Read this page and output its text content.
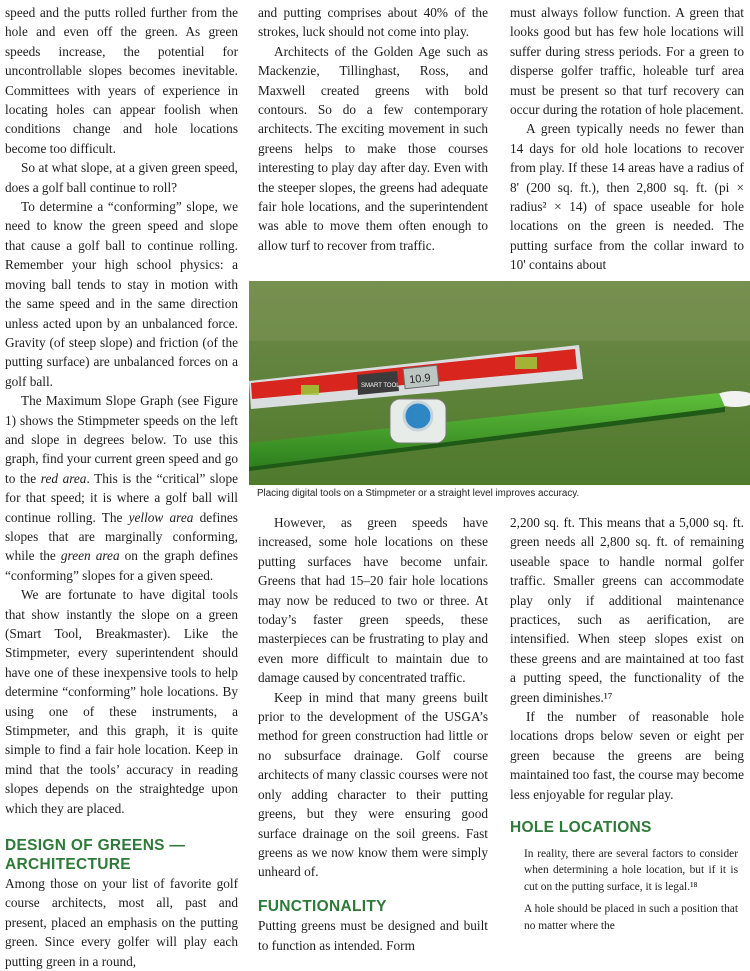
speed and the putts rolled further from the hole and even off the green. As green speeds increase, the potential for uncontrollable slopes becomes inevitable. Committees with years of experience in locating holes can appear foolish when conditions change and hole locations become too difficult.

So at what slope, at a given green speed, does a golf ball continue to roll?

To determine a “conforming” slope, we need to know the green speed and slope that cause a golf ball to continue rolling. Remember your high school physics: a moving ball tends to stay in motion with the same speed and in the same direction unless acted upon by an unbalanced force. Gravity (of steep slope) and friction (of the putting surface) are unbalanced forces on a golf ball.

The Maximum Slope Graph (see Figure 1) shows the Stimpmeter speeds on the left and slope in degrees below. To use this graph, find your current green speed and go to the red area. This is the “critical” slope for that speed; it is where a golf ball will continue rolling. The yellow area defines slopes that are marginally conforming, while the green area on the graph defines “conforming” slopes for a given speed.

We are fortunate to have digital tools that show instantly the slope on a green (Smart Tool, Breakmaster). Like the Stimpmeter, every superintendent should have one of these inexpensive tools to help determine “conforming” hole locations. By using one of these instruments, a Stimpmeter, and this graph, it is quite simple to find a fair hole location. Keep in mind that the tools’ accuracy in reading slopes depends on the straightedge upon which they are placed.

DESIGN OF GREENS —
ARCHITECTURE

Among those on your list of favorite golf course architects, most all, past and present, placed an emphasis on the putting green. Since every golfer will play each putting green in a round,

and putting comprises about 40% of the strokes, luck should not come into play.

Architects of the Golden Age such as Mackenzie, Tillinghast, Ross, and Maxwell created greens with bold contours. So do a few contemporary architects. The exciting movement in such greens helps to make those courses interesting to play day after day. Even with the steeper slopes, the greens had adequate fair hole locations, and the superintendent was able to move them often enough to allow turf to recover from traffic.

must always follow function. A green that looks good but has few hole locations will suffer during stress periods. For a green to disperse golfer traffic, holeable turf area must be present so that turf recovery can occur during the rotation of hole placement.

A green typically needs no fewer than 14 days for old hole locations to recover from play. If these 14 areas have a radius of 8' (200 sq. ft.), then 2,800 sq. ft. (pi × radius² × 14) of space useable for hole locations on the green is needed. The putting surface from the collar inward to 10' contains about

SMART TOOL 10.9
Placing digital tools on a Stimpmeter or a straight level improves accuracy.

However, as green speeds have increased, some hole locations on these putting surfaces have become unfair. Greens that had 15–20 fair hole locations may now be reduced to two or three. At today’s faster green speeds, these masterpieces can be frustrating to play and even more difficult to maintain due to damage caused by concentrated traffic.

Keep in mind that many greens built prior to the development of the USGA’s method for green construction had little or no subsurface drainage. Golf course architects of many classic courses were not only adding character to their putting greens, but they were ensuring good surface drainage on the soil greens. Fast greens as we now know them were simply unheard of.

FUNCTIONALITY

Putting greens must be designed and built to function as intended. Form

2,200 sq. ft. This means that a 5,000 sq. ft. green needs all 2,800 sq. ft. of remaining useable space to handle normal golfer traffic. Smaller greens can accommodate play only if additional maintenance practices, such as aerification, are intensified. When steep slopes exist on these greens and are maintained at too fast a putting speed, the functionality of the green diminishes.¹⁷

If the number of reasonable hole locations drops below seven or eight per green because the greens are being maintained too fast, the course may become less enjoyable for regular play.

HOLE LOCATIONS

In reality, there are several factors to consider when determining a hole location, but if it is cut on the putting surface, it is legal.¹⁸

A hole should be placed in such a position that no matter where the
